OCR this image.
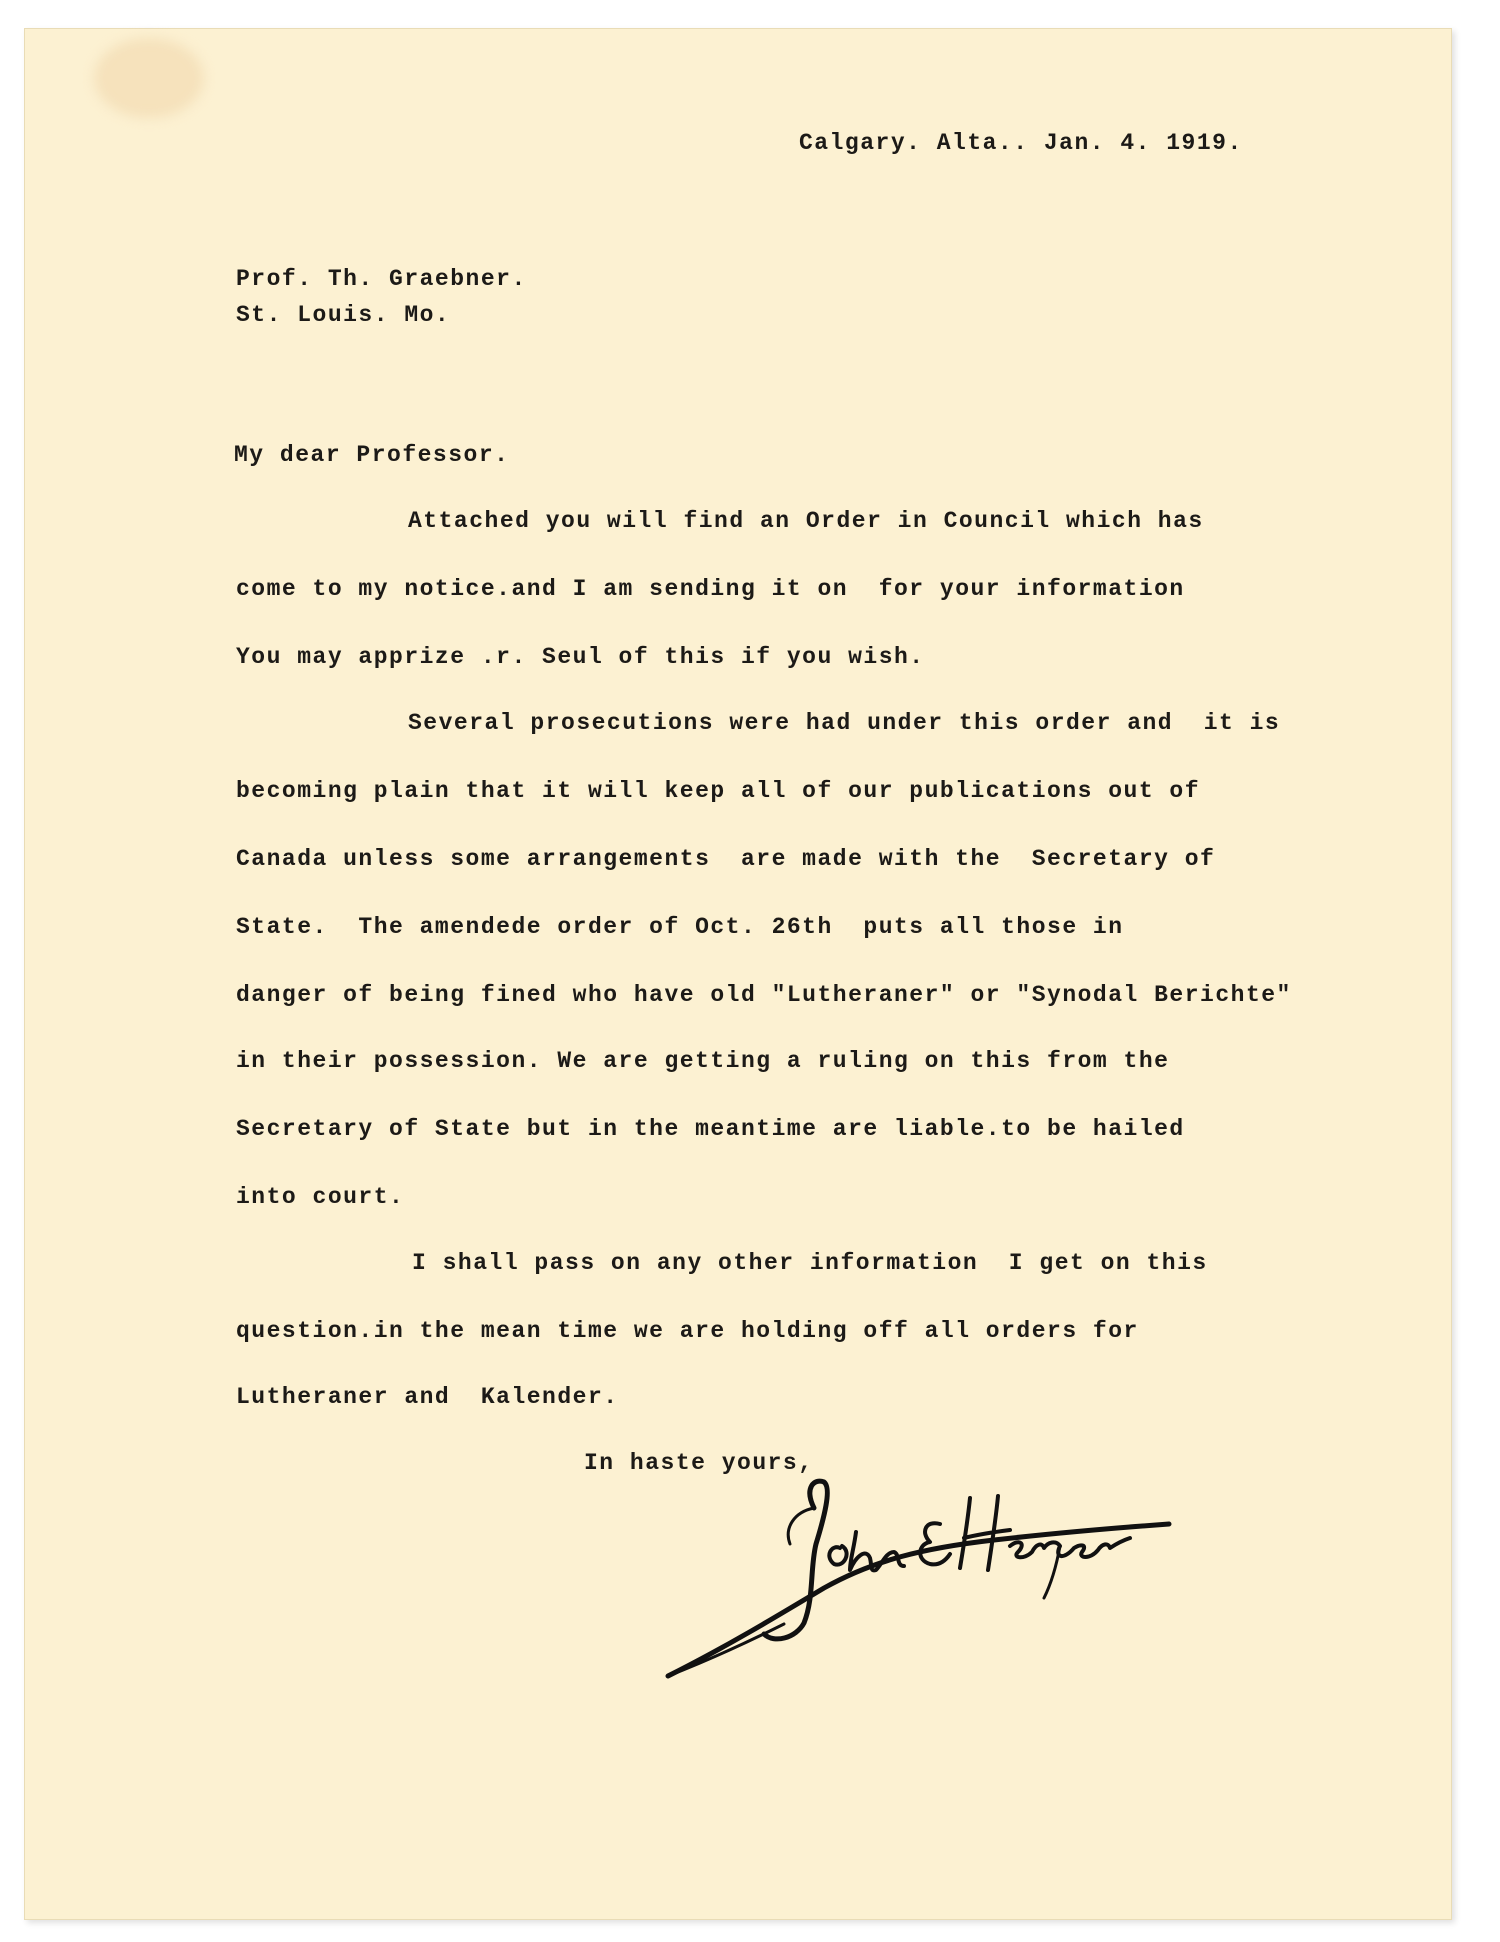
Calgary. Alta.. Jan. 4. 1919.
Prof. Th. Graebner.
St. Louis. Mo.
My dear Professor.
Attached you will find an Order in Council which has
come to my notice.and I am sending it on  for your information
You may apprize .r. Seul of this if you wish.
Several prosecutions were had under this order and  it is
becoming plain that it will keep all of our publications out of
Canada unless some arrangements  are made with the  Secretary of
State.  The amendede order of Oct. 26th  puts all those in
danger of being fined who have old "Lutheraner" or "Synodal Berichte"
in their possession. We are getting a ruling on this from the
Secretary of State but in the meantime are liable.to be hailed
into court.
I shall pass on any other information  I get on this
question.in the mean time we are holding off all orders for
Lutheraner and  Kalender.
In haste yours,
